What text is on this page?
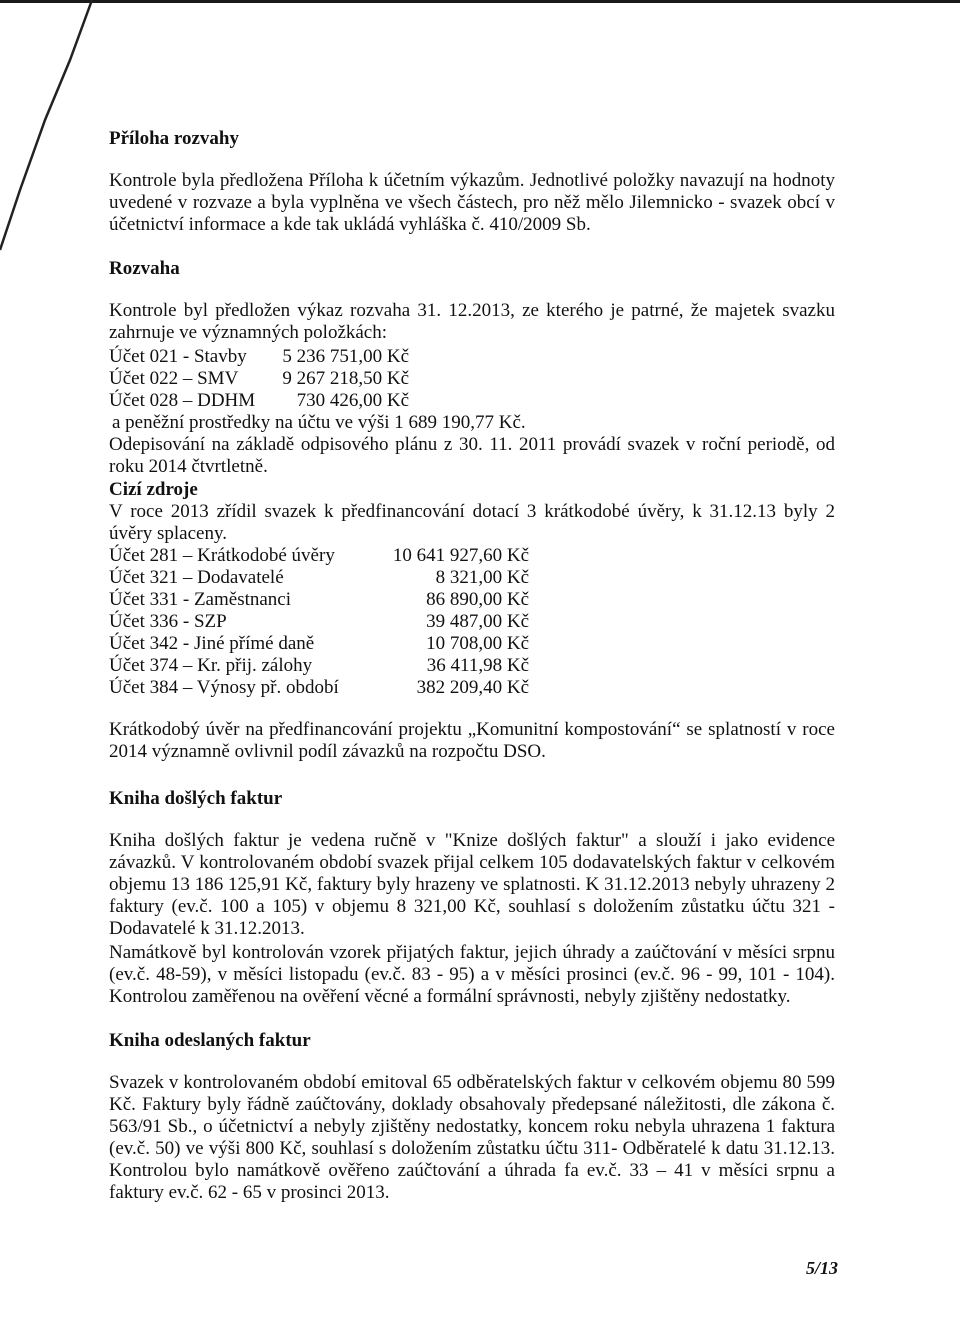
Příloha rozvahy
Kontrole byla předložena Příloha k účetním výkazům. Jednotlivé položky navazují na hodnoty uvedené v rozvaze a byla vyplněna ve všech částech, pro něž mělo Jilemnicko - svazek obcí v účetnictví informace a kde tak ukládá vyhláška č. 410/2009 Sb.
Rozvaha
Kontrole byl předložen výkaz rozvaha 31. 12.2013, ze kterého je patrné, že majetek svazku zahrnuje ve významných položkách:
Účet 021 - Stavby 5 236 751,00 Kč
Účet 022 – SMV 9 267 218,50 Kč
Účet 028 – DDHM 730 426,00 Kč
a peněžní prostředky na účtu ve výši 1 689 190,77 Kč.
Odepisování na základě odpisového plánu z 30. 11. 2011 provádí svazek v roční periodě, od roku 2014 čtvrtletně.
Cizí zdroje
V roce 2013 zřídil svazek k předfinancování dotací 3 krátkodobé úvěry, k 31.12.13 byly 2 úvěry splaceny.
Účet 281 – Krátkodobé úvěry	10 641 927,60 Kč
Účet 321 – Dodavatelé	8 321,00 Kč
Účet 331 - Zaměstnanci	86 890,00 Kč
Účet 336 - SZP	39 487,00 Kč
Účet 342 - Jiné přímé daně	10 708,00 Kč
Účet 374 – Kr. přij. zálohy	36 411,98 Kč
Účet 384 – Výnosy př. období	382 209,40 Kč
Krátkodobý úvěr na předfinancování projektu „Komunitní kompostování“ se splatností v roce 2014 významně ovlivnil podíl závazků na rozpočtu DSO.
Kniha došlých faktur
Kniha došlých faktur je vedena ručně v "Knize došlých faktur" a slouží i jako evidence závazků. V kontrolovaném období svazek přijal celkem 105 dodavatelských faktur v celkovém objemu 13 186 125,91 Kč, faktury byly hrazeny ve splatnosti. K 31.12.2013 nebyly uhrazeny 2 faktury (ev.č. 100 a 105) v objemu 8 321,00 Kč, souhlasí s doložením zůstatku účtu 321 - Dodavatelé k 31.12.2013.
Namátkově byl kontrolován vzorek přijatých faktur, jejich úhrady a zaúčtování v měsíci srpnu (ev.č. 48-59), v měsíci listopadu (ev.č. 83 - 95) a v měsíci prosinci (ev.č. 96 - 99, 101 - 104). Kontrolou zaměřenou na ověření věcné a formální správnosti, nebyly zjištěny nedostatky.
Kniha odeslaných faktur
Svazek v kontrolovaném období emitoval 65 odběratelských faktur v celkovém objemu 80 599 Kč. Faktury byly řádně zaúčtovány, doklady obsahovaly předepsané náležitosti, dle zákona č. 563/91 Sb., o účetnictví a nebyly zjištěny nedostatky, koncem roku nebyla uhrazena 1 faktura (ev.č. 50) ve výši 800 Kč, souhlasí s doložením zůstatku účtu 311- Odběratelé k datu 31.12.13. Kontrolou bylo namátkově ověřeno zaúčtování a úhrada fa ev.č. 33 – 41 v měsíci srpnu a faktury ev.č. 62 - 65 v prosinci 2013.
5/13
